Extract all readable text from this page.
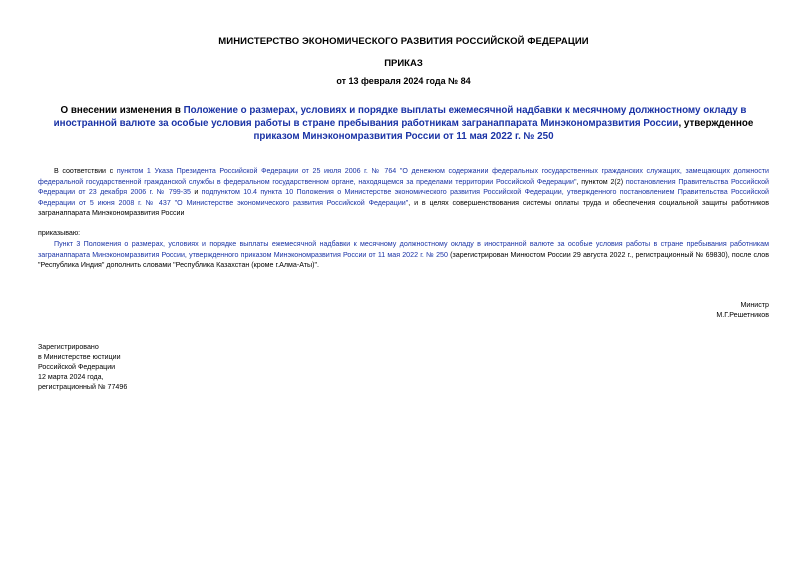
МИНИСТЕРСТВО ЭКОНОМИЧЕСКОГО РАЗВИТИЯ РОССИЙСКОЙ ФЕДЕРАЦИИ
ПРИКАЗ
от 13 февраля 2024 года № 84
О внесении изменения в Положение о размерах, условиях и порядке выплаты ежемесячной надбавки к месячному должностному окладу в иностранной валюте за особые условия работы в стране пребывания работникам загранаппарата Минэкономразвития России, утвержденное приказом Минэкономразвития России от 11 мая 2022 г. № 250
В соответствии с пунктом 1 Указа Президента Российской Федерации от 25 июля 2006 г. № 764 "О денежном содержании федеральных государственных гражданских служащих, замещающих должности федеральной государственной гражданской службы в федеральном государственном органе, находящемся за пределами территории Российской Федерации", пунктом 2(2) постановления Правительства Российской Федерации от 23 декабря 2006 г. № 799-35 и подпунктом 10.4 пункта 10 Положения о Министерстве экономического развития Российской Федерации, утвержденного постановлением Правительства Российской Федерации от 5 июня 2008 г. № 437 "О Министерстве экономического развития Российской Федерации", и в целях совершенствования системы оплаты труда и обеспечения социальной защиты работников загранаппарата Минэкономразвития России
приказываю:
Пункт 3 Положения о размерах, условиях и порядке выплаты ежемесячной надбавки к месячному должностному окладу в иностранной валюте за особые условия работы в стране пребывания работникам загранаппарата Минэкономразвития России, утвержденного приказом Минэкономразвития России от 11 мая 2022 г. № 250 (зарегистрирован Минюстом России 29 августа 2022 г., регистрационный № 69830), после слов "Республика Индия" дополнить словами "Республика Казахстан (кроме г.Алма-Аты)".
Министр
М.Г.Решетников
Зарегистрировано
в Министерстве юстиции
Российской Федерации
12 марта 2024 года,
регистрационный № 77496
